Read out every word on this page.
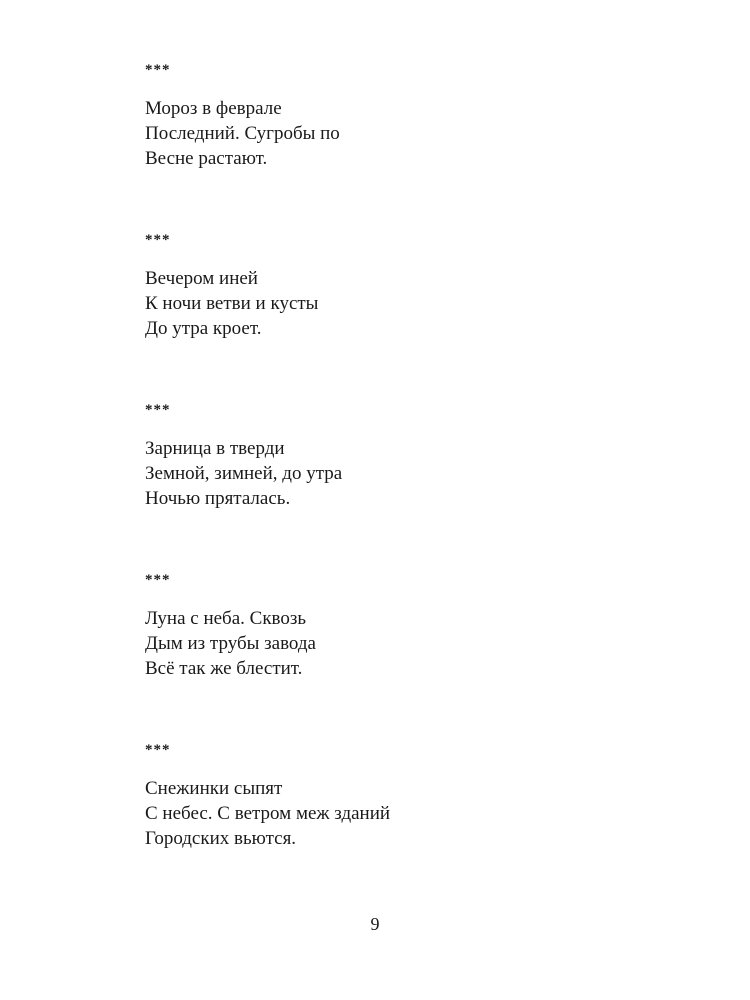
***
Мороз в феврале
Последний. Сугробы по
Весне растают.
***
Вечером иней
К ночи ветви и кусты
До утра кроет.
***
Зарница в тверди
Земной, зимней, до утра
Ночью пряталась.
***
Луна с неба. Сквозь
Дым из трубы завода
Всё так же блестит.
***
Снежинки сыпят
С небес. С ветром меж зданий
Городских вьются.
9
